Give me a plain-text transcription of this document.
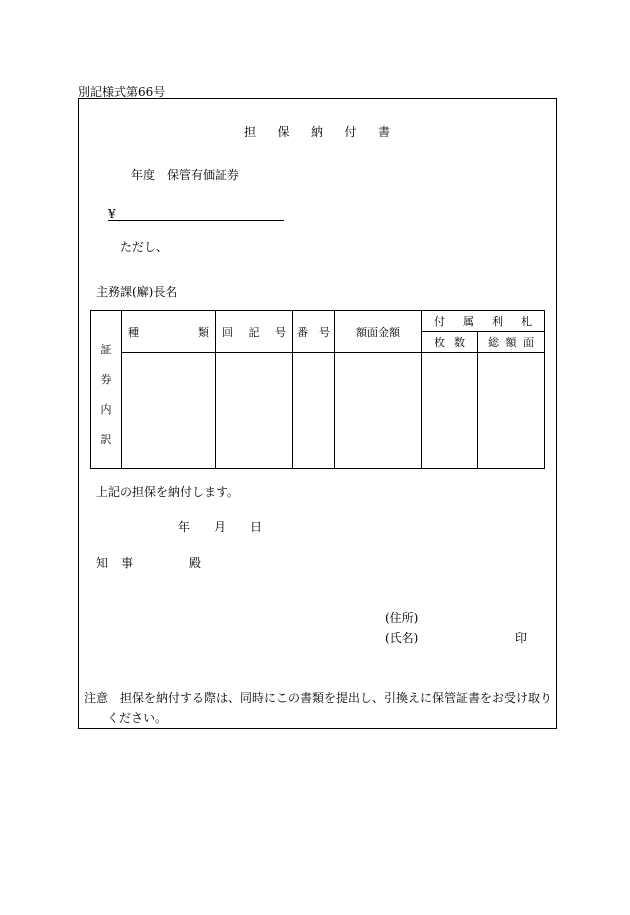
別記様式第66号
担 保 納 付 書
年度　保管有価証券
¥
ただし、
主務課(廨)長名
証
券
内
訳	種 類	回 記 号	番 号	額面金額	付 属 利 札	

					枚 数	総 額 面

上記の担保を納付します。
年 月 日
知 事	殿
(住所)
(氏名)	印
注意　担保を納付する際は、同時にこの書類を提出し、引換えに保管証書をお受け取り
ください。
